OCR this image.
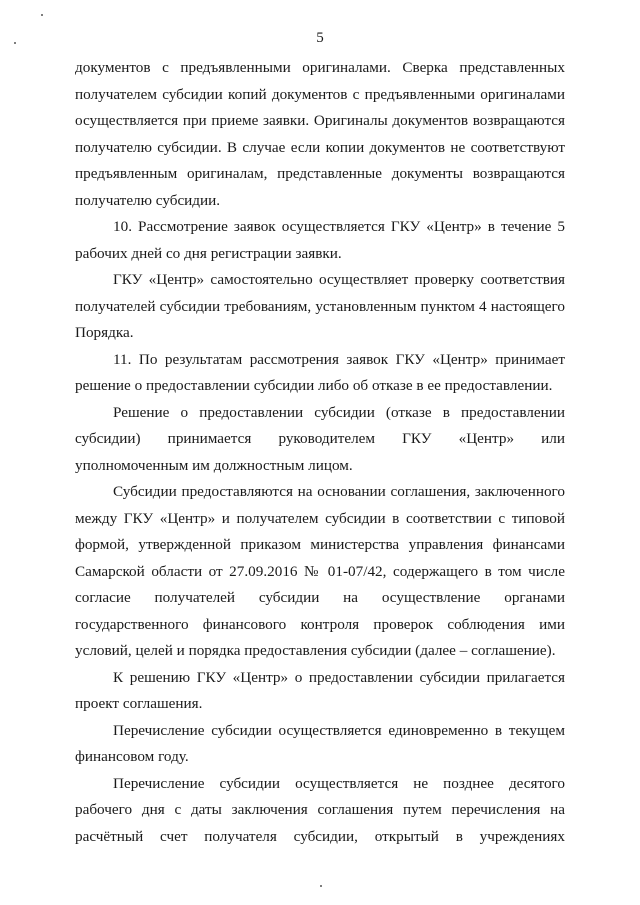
5

документов с предъявленными оригиналами. Сверка представленных получателем субсидии копий документов с предъявленными оригиналами осуществляется при приеме заявки. Оригиналы документов возвращаются получателю субсидии. В случае если копии документов не соответствуют предъявленным оригиналам, представленные документы возвращаются получателю субсидии.

10. Рассмотрение заявок осуществляется ГКУ «Центр» в течение 5 рабочих дней со дня регистрации заявки.

ГКУ «Центр» самостоятельно осуществляет проверку соответствия получателей субсидии требованиям, установленным пунктом 4 настоящего Порядка.

11. По результатам рассмотрения заявок ГКУ «Центр» принимает решение о предоставлении субсидии либо об отказе в ее предоставлении.

Решение о предоставлении субсидии (отказе в предоставлении субсидии) принимается руководителем ГКУ «Центр» или уполномоченным им должностным лицом.

Субсидии предоставляются на основании соглашения, заключенного между ГКУ «Центр» и получателем субсидии в соответствии с типовой формой, утвержденной приказом министерства управления финансами Самарской области от 27.09.2016 № 01-07/42, содержащего в том числе согласие получателей субсидии на осуществление органами государственного финансового контроля проверок соблюдения ими условий, целей и порядка предоставления субсидии (далее – соглашение).

К решению ГКУ «Центр» о предоставлении субсидии прилагается проект соглашения.

Перечисление субсидии осуществляется единовременно в текущем финансовом году.

Перечисление субсидии осуществляется не позднее десятого рабочего дня с даты заключения соглашения путем перечисления на расчётный счет получателя субсидии, открытый в учреждениях
